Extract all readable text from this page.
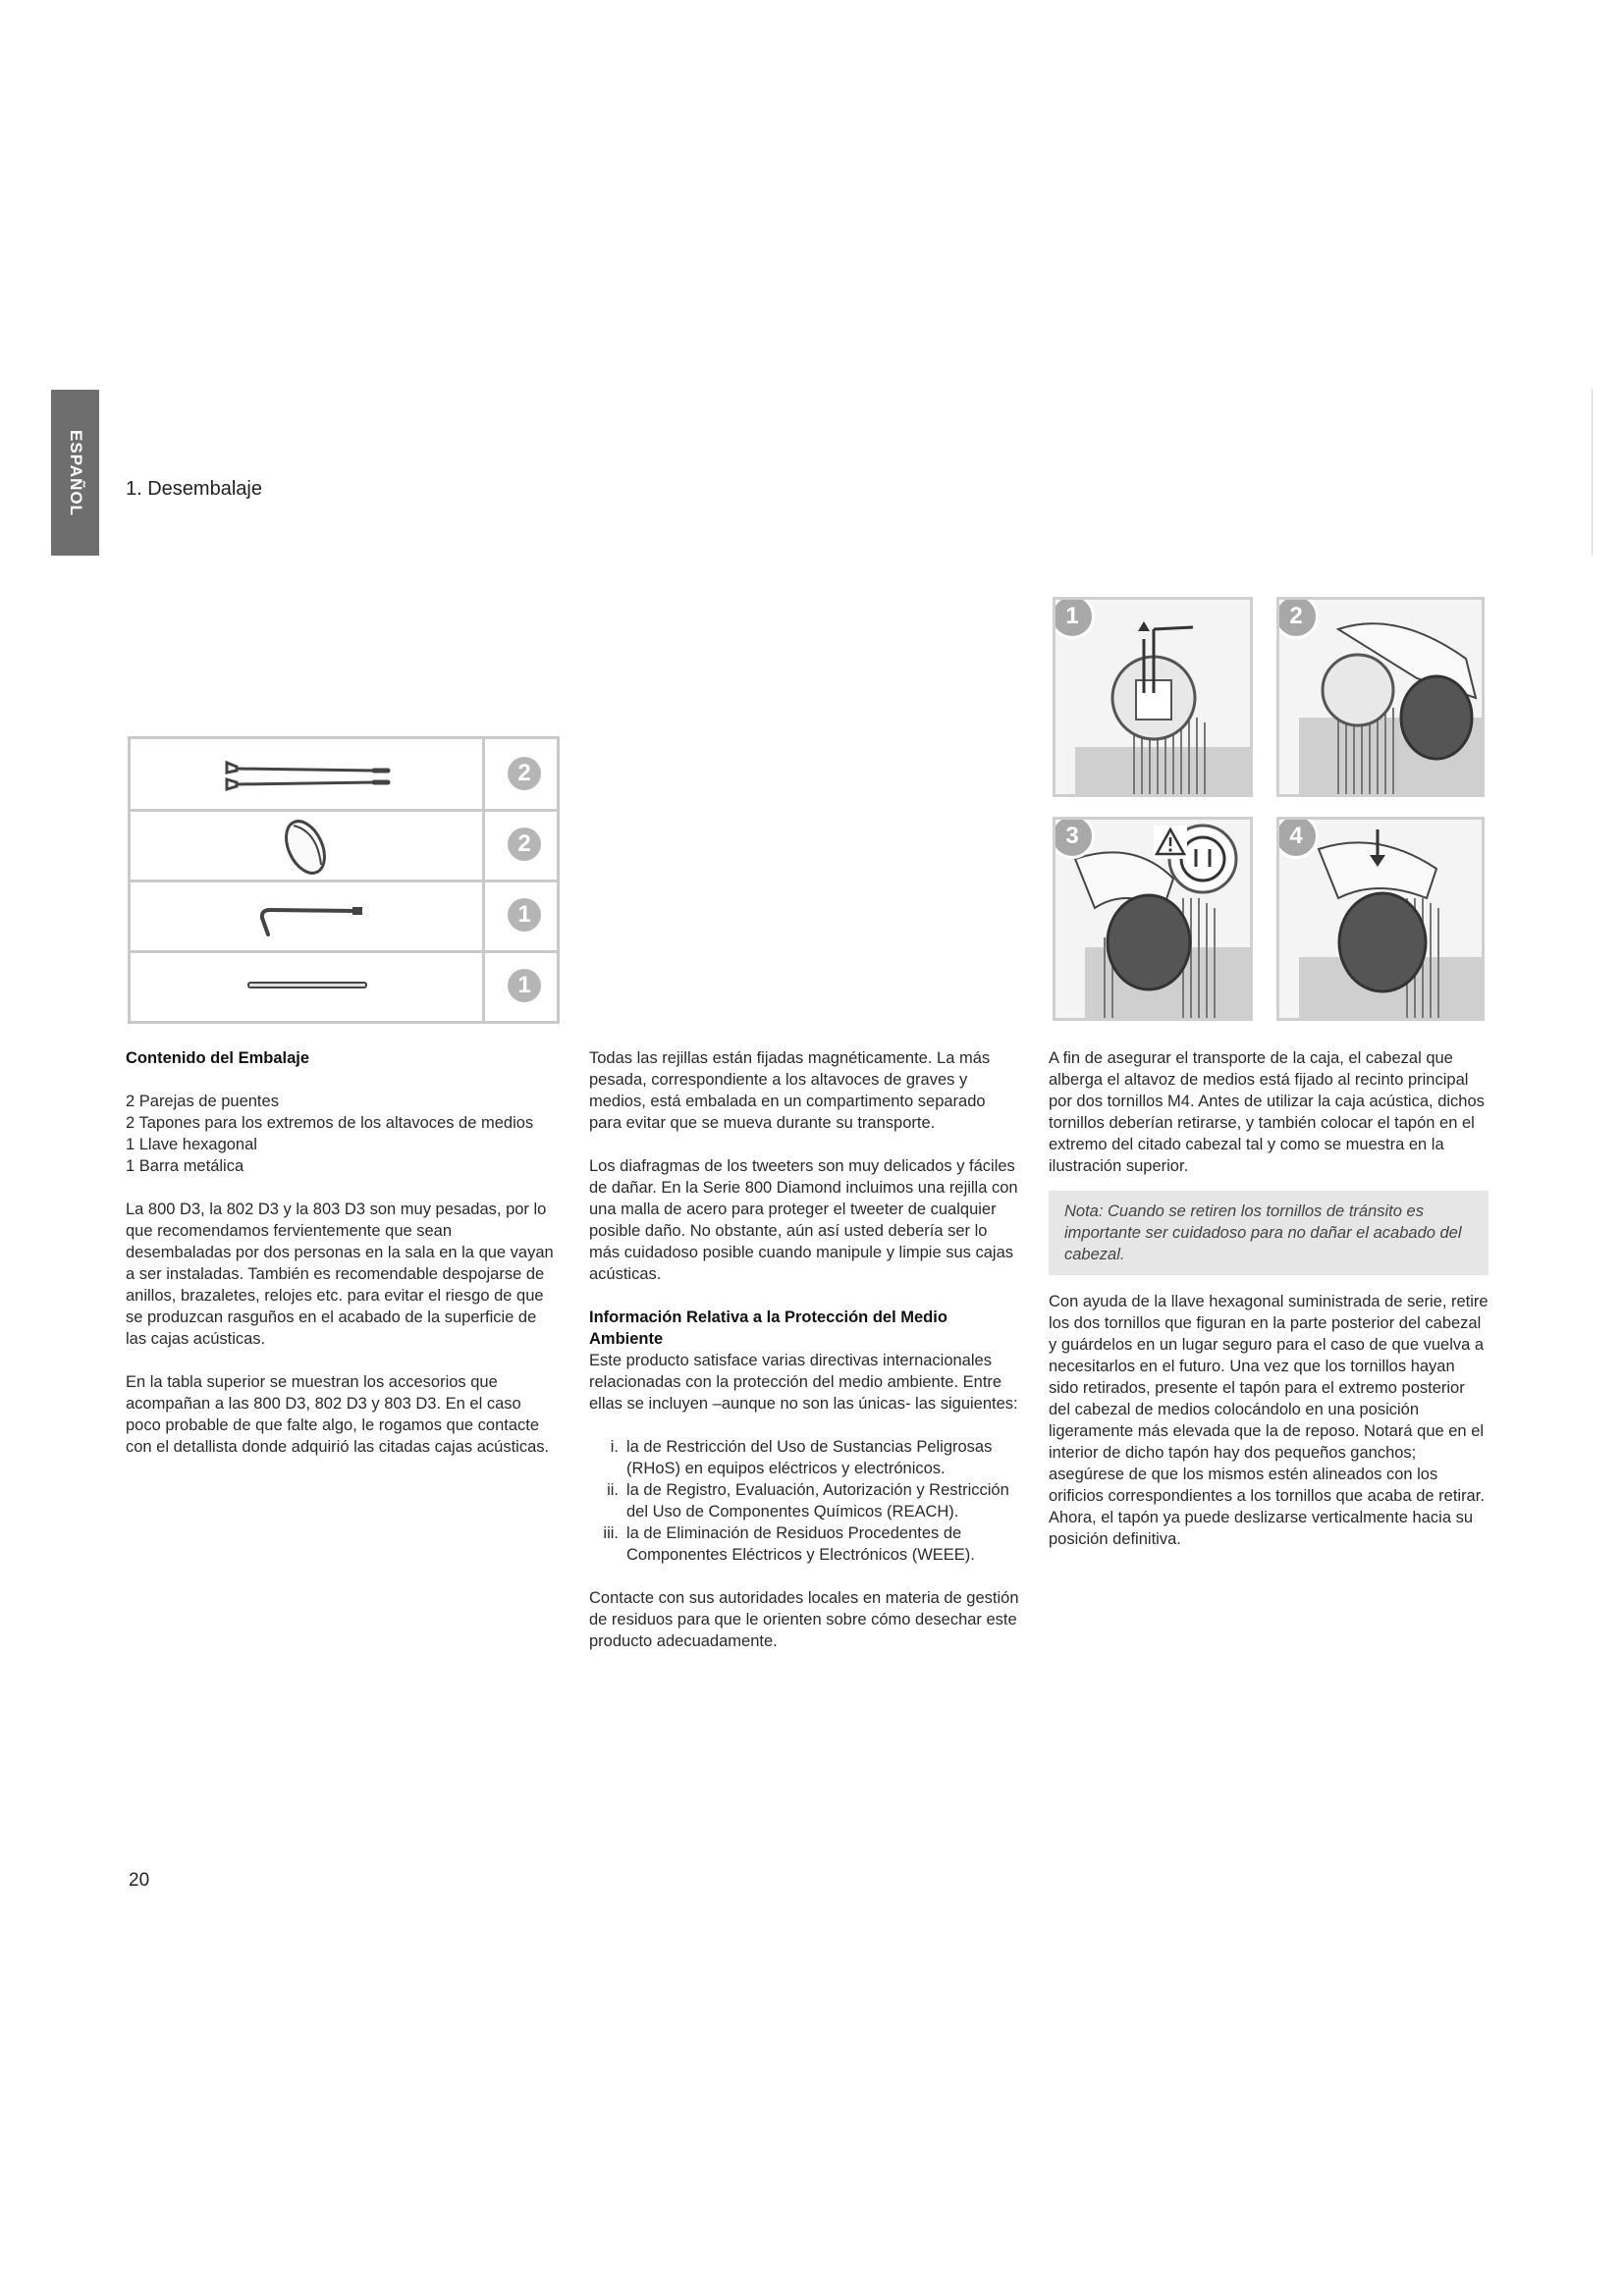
ESPAÑOL 1. Desembalaje
2
2
1
1
1	2
3	4

Contenido del Embalaje

2 Parejas de puentes

2 Tapones para los extremos de los altavoces de medios

1 Llave hexagonal

1 Barra metálica

La 800 D3, la 802 D3 y la 803 D3 son muy pesadas, por lo que recomendamos fervientemente que sean desembaladas por dos personas en la sala en la que vayan a ser instaladas. También es recomendable despojarse de anillos, brazaletes, relojes etc. para evitar el riesgo de que se produzcan rasguños en el acabado de la superficie de las cajas acústicas.

En la tabla superior se muestran los accesorios que acompañan a las 800 D3, 802 D3 y 803 D3. En el caso poco probable de que falte algo, le rogamos que contacte con el detallista donde adquirió las citadas cajas acústicas.

Todas las rejillas están fijadas magnéticamente. La más pesada, correspondiente a los altavoces de graves y medios, está embalada en un compartimento separado para evitar que se mueva durante su transporte.

Los diafragmas de los tweeters son muy delicados y fáciles de dañar. En la Serie 800 Diamond incluimos una rejilla con una malla de acero para proteger el tweeter de cualquier posible daño. No obstante, aún así usted debería ser lo más cuidadoso posible cuando manipule y limpie sus cajas acústicas.

Información Relativa a la Protección del Medio Ambiente

Este producto satisface varias directivas internacionales relacionadas con la protección del medio ambiente. Entre ellas se incluyen –aunque no son las únicas- las siguientes:

i. la de Restricción del Uso de Sustancias Peligrosas (RHoS) en equipos eléctricos y electrónicos.
ii. la de Registro, Evaluación, Autorización y Restricción del Uso de Componentes Químicos (REACH).
iii. la de Eliminación de Residuos Procedentes de Componentes Eléctricos y Electrónicos (WEEE).

Contacte con sus autoridades locales en materia de gestión de residuos para que le orienten sobre cómo desechar este producto adecuadamente.

A fin de asegurar el transporte de la caja, el cabezal que alberga el altavoz de medios está fijado al recinto principal por dos tornillos M4. Antes de utilizar la caja acústica, dichos tornillos deberían retirarse, y también colocar el tapón en el extremo del citado cabezal tal y como se muestra en la ilustración superior.

Nota: Cuando se retiren los tornillos de tránsito es importante ser cuidadoso para no dañar el acabado del cabezal.

Con ayuda de la llave hexagonal suministrada de serie, retire los dos tornillos que figuran en la parte posterior del cabezal y guárdelos en un lugar seguro para el caso de que vuelva a necesitarlos en el futuro. Una vez que los tornillos hayan sido retirados, presente el tapón para el extremo posterior del cabezal de medios colocándolo en una posición ligeramente más elevada que la de reposo. Notará que en el interior de dicho tapón hay dos pequeños ganchos; asegúrese de que los mismos estén alineados con los orificios correspondientes a los tornillos que acaba de retirar. Ahora, el tapón ya puede deslizarse verticalmente hacia su posición definitiva.

20
